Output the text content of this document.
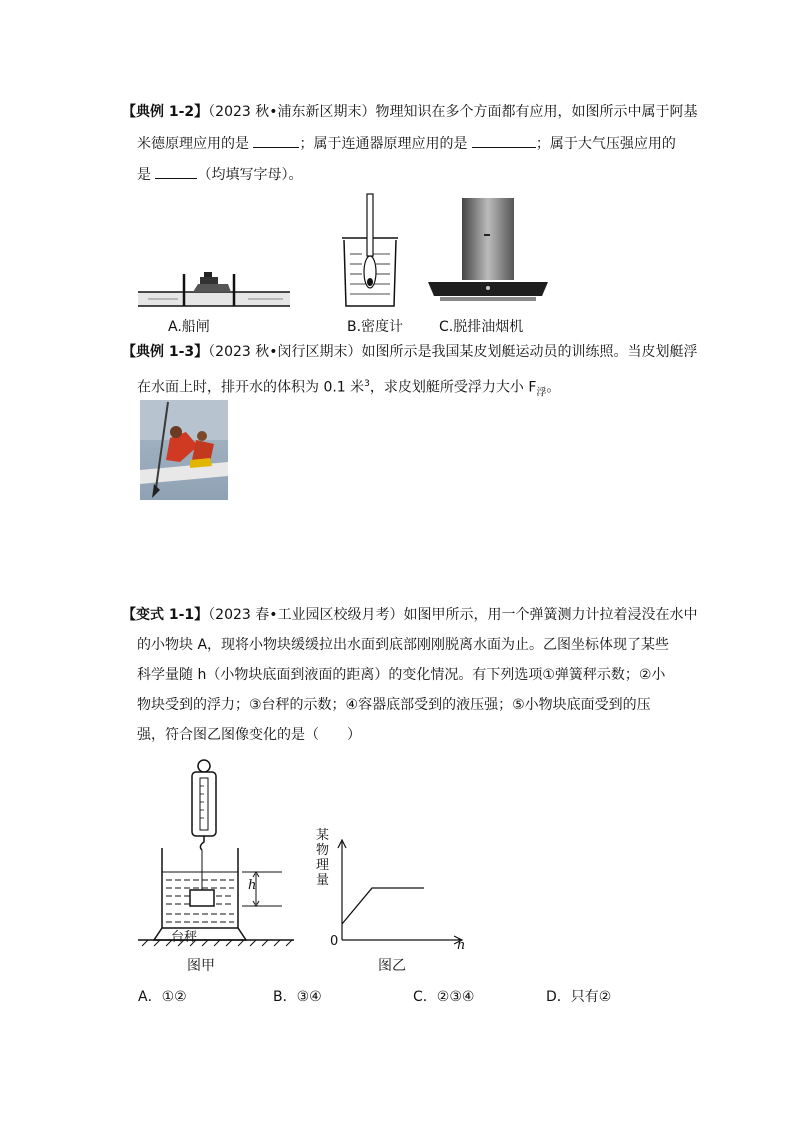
【典例 1-2】（2023 秋•浦东新区期末）物理知识在多个方面都有应用，如图所示中属于阿基
米德原理应用的是	；属于连通器原理应用的是	；属于大气压强应用的
是	（均填写字母）。
A.船闸	B.密度计	C.脱排油烟机
【典例 1-3】（2023 秋•闵行区期末）如图所示是我国某皮划艇运动员的训练照。当皮划艇浮
在水面上时，排开水的体积为 0.1 米$^3$，求皮划艇所受浮力大小 $F_浮$。
【变式 1-1】（2023 春•工业园区校级月考）如图甲所示，用一个弹簧测力计拉着浸没在水中
的小物块 A，现将小物块缓缓拉出水面到底部刚刚脱离水面为止。乙图坐标体现了某些
科学量随 h（小物块底面到液面的距离）的变化情况。有下列选项①弹簧秤示数；②小
物块受到的浮力；③台秤的示数；④容器底部受到的液压强；⑤小物块底面受到的压
强，符合图乙图像变化的是（　　）
h
台秤
图甲
某物理量
0	h
图乙
A．①②	B．③④	C．②③④	D．只有②
